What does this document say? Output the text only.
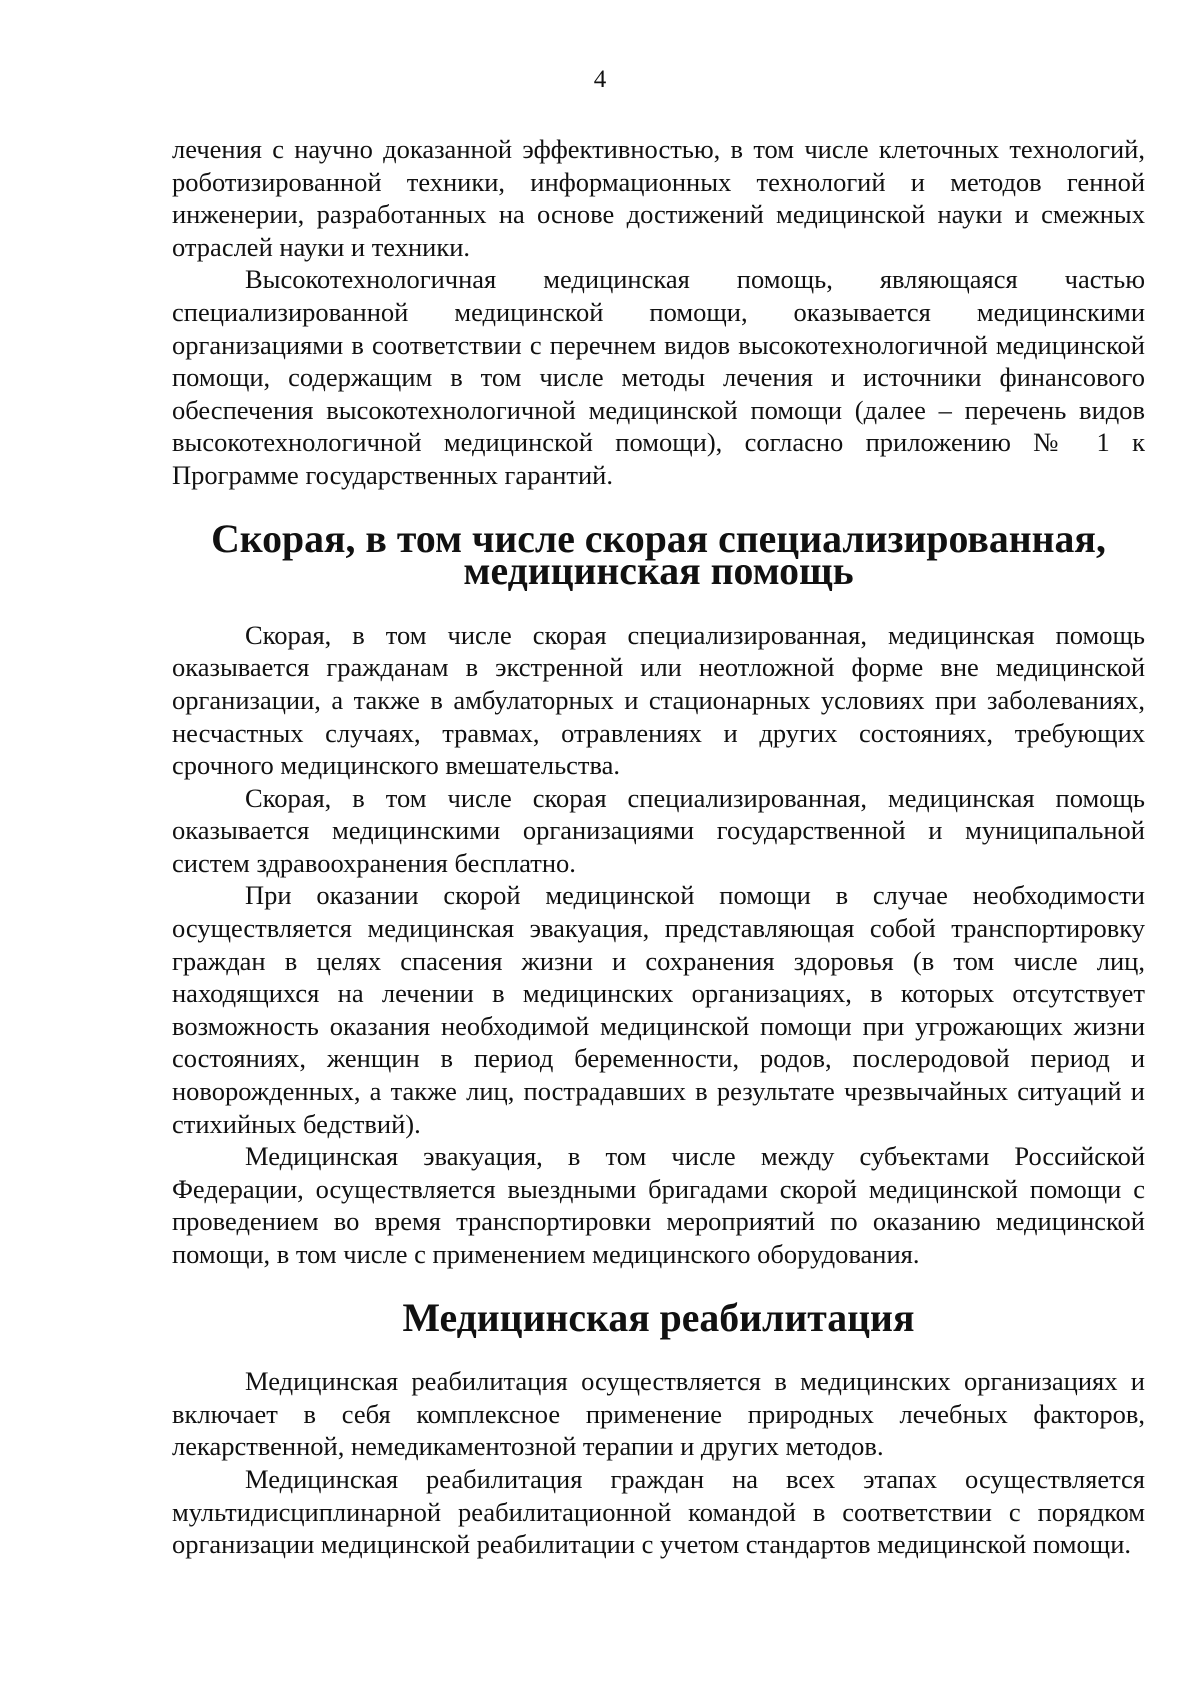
4

лечения с научно доказанной эффективностью, в том числе клеточных технологий, роботизированной техники, информационных технологий и методов генной инженерии, разработанных на основе достижений медицинской науки и смежных отраслей науки и техники.

Высокотехнологичная медицинская помощь, являющаяся частью специализированной медицинской помощи, оказывается медицинскими организациями в соответствии с перечнем видов высокотехнологичной медицинской помощи, содержащим в том числе методы лечения и источники финансового обеспечения высокотехнологичной медицинской помощи (далее – перечень видов высокотехнологичной медицинской помощи), согласно приложению № 1 к Программе государственных гарантий.

Скорая, в том числе скорая специализированная,
медицинская помощь

Скорая, в том числе скорая специализированная, медицинская помощь оказывается гражданам в экстренной или неотложной форме вне медицинской организации, а также в амбулаторных и стационарных условиях при заболеваниях, несчастных случаях, травмах, отравлениях и других состояниях, требующих срочного медицинского вмешательства.

Скорая, в том числе скорая специализированная, медицинская помощь оказывается медицинскими организациями государственной и муниципальной систем здравоохранения бесплатно.

При оказании скорой медицинской помощи в случае необходимости осуществляется медицинская эвакуация, представляющая собой транспортировку граждан в целях спасения жизни и сохранения здоровья (в том числе лиц, находящихся на лечении в медицинских организациях, в которых отсутствует возможность оказания необходимой медицинской помощи при угрожающих жизни состояниях, женщин в период беременности, родов, послеродовой период и новорожденных, а также лиц, пострадавших в результате чрезвычайных ситуаций и стихийных бедствий).

Медицинская эвакуация, в том числе между субъектами Российской Федерации, осуществляется выездными бригадами скорой медицинской помощи с проведением во время транспортировки мероприятий по оказанию медицинской помощи, в том числе с применением медицинского оборудования.

Медицинская реабилитация

Медицинская реабилитация осуществляется в медицинских организациях и включает в себя комплексное применение природных лечебных факторов, лекарственной, немедикаментозной терапии и других методов.

Медицинская реабилитация граждан на всех этапах осуществляется мультидисциплинарной реабилитационной командой в соответствии с порядком организации медицинской реабилитации с учетом стандартов медицинской помощи.
